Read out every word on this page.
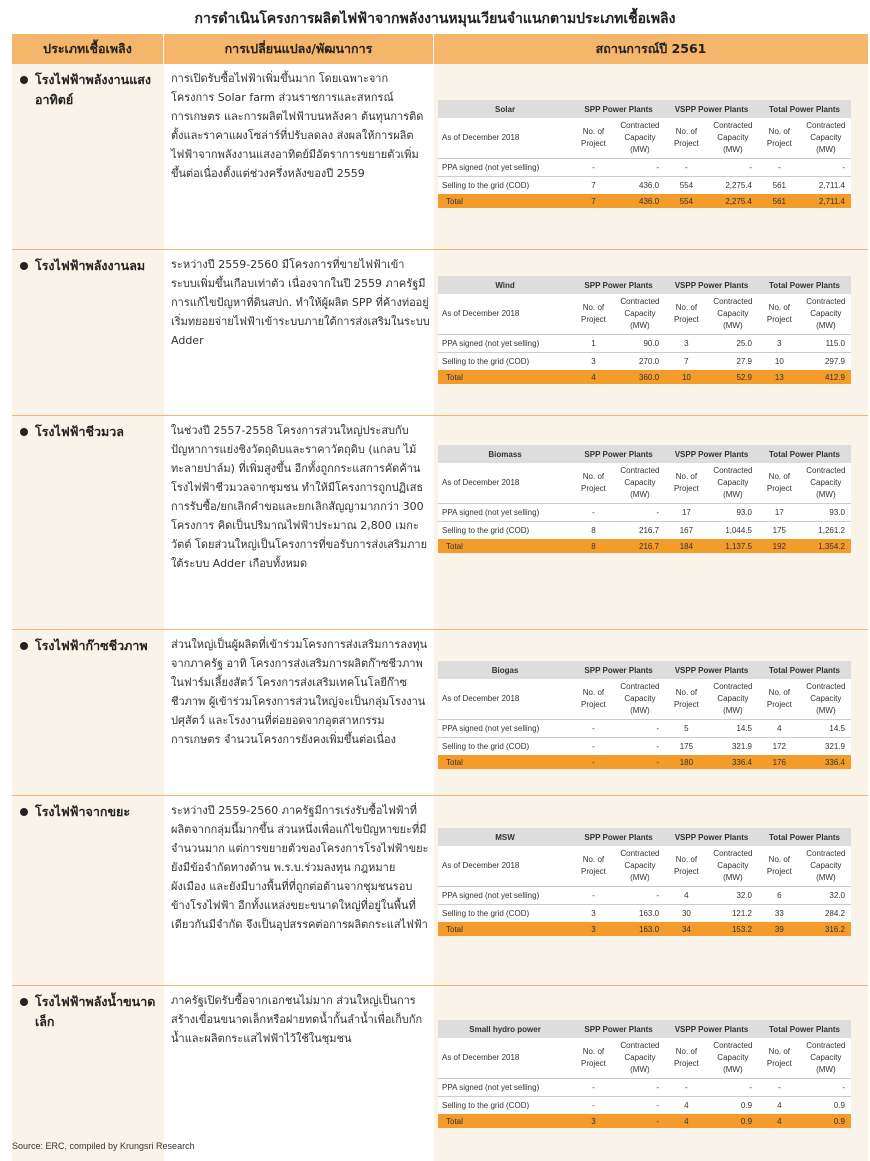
การดำเนินโครงการผลิตไฟฟ้าจากพลังงานหมุนเวียนจำแนกตามประเภทเชื้อเพลิง
ประเภทเชื้อเพลิง	การเปลี่ยนแปลง/พัฒนาการ	สถานการณ์ปี 2561
โรงไฟฟ้าพลังงานแสงอาทิตย์
การเปิดรับซื้อไฟฟ้าเพิ่มขึ้นมาก โดยเฉพาะจากโครงการ Solar farm ส่วนราชการและสหกรณ์การเกษตร และการผลิตไฟฟ้าบนหลังคา ต้นทุนการติดตั้งและราคาแผงโซล่าร์ที่ปรับลดลง ส่งผลให้การผลิตไฟฟ้าจากพลังงานแสงอาทิตย์มีอัตราการขยายตัวเพิ่มขึ้นต่อเนื่องตั้งแต่ช่วงครึ่งหลังของปี 2559
Solar	SPP Power Plants		VSPP Power Plants		Total Power Plants	
As of December 2018	No. of Project	Contracted Capacity (MW)	No. of Project	Contracted Capacity (MW)	No. of Project	Contracted Capacity (MW)
PPA signed (not yet selling)	-	-	-	-	-	-
Selling to the grid (COD)	7	436.0	554	2,275.4	561	2,711.4
Total	7	436.0	554	2,275.4	561	2,711.4
โรงไฟฟ้าพลังงานลม	ระหว่างปี 2559-2560 มีโครงการที่ขายไฟฟ้าเข้าระบบเพิ่มขึ้นเกือบเท่าตัว เนื่องจากในปี 2559 ภาครัฐมีการแก้ไขปัญหาที่ดินสปก. ทำให้ผู้ผลิต SPP ที่ค้างท่ออยู่เริ่มทยอยจ่ายไฟฟ้าเข้าระบบภายใต้การส่งเสริมในระบบ Adder
Wind	SPP Power Plants		VSPP Power Plants		Total Power Plants	
As of December 2018	No. of Project	Contracted Capacity (MW)	No. of Project	Contracted Capacity (MW)	No. of Project	Contracted Capacity (MW)
PPA signed (not yet selling)	1	90.0	3	25.0	3	115.0
Selling to the grid (COD)	3	270.0	7	27.9	10	297.9
Total	4	360.0	10	52.9	13	412.9
โรงไฟฟ้าชีวมวล	ในช่วงปี 2557-2558 โครงการส่วนใหญ่ประสบกับปัญหาการแย่งชิงวัตถุดิบและราคาวัตถุดิบ (แกลบ ไม้ ทะลายปาล์ม) ที่เพิ่มสูงขึ้น อีกทั้งถูกกระแสการคัดค้านโรงไฟฟ้าชีวมวลจากชุมชน ทำให้มีโครงการถูกปฏิเสธการรับซื้อ/ยกเลิกคำขอและยกเลิกสัญญามากกว่า 300 โครงการ คิดเป็นปริมาณไฟฟ้าประมาณ 2,800 เมกะวัตต์ โดยส่วนใหญ่เป็นโครงการที่ขอรับการส่งเสริมภายใต้ระบบ Adder เกือบทั้งหมด
Biomass	SPP Power Plants		VSPP Power Plants		Total Power Plants	
As of December 2018	No. of Project	Contracted Capacity (MW)	No. of Project	Contracted Capacity (MW)	No. of Project	Contracted Capacity (MW)
PPA signed (not yet selling)	-	-	17	93.0	17	93.0
Selling to the grid (COD)	8	216.7	167	1,044.5	175	1,261.2
Total	8	216.7	184	1,137.5	192	1,354.2
โรงไฟฟ้าก๊าซชีวภาพ	ส่วนใหญ่เป็นผู้ผลิตที่เข้าร่วมโครงการส่งเสริมการลงทุนจากภาครัฐ อาทิ โครงการส่งเสริมการผลิตก๊าซชีวภาพในฟาร์มเลี้ยงสัตว์ โครงการส่งเสริมเทคโนโลยีก๊าซชีวภาพ ผู้เข้าร่วมโครงการส่วนใหญ่จะเป็นกลุ่มโรงงานปศุสัตว์ และโรงงานที่ต่อยอดจากอุตสาหกรรมการเกษตร จำนวนโครงการยังคงเพิ่มขึ้นต่อเนื่อง
Biogas	SPP Power Plants		VSPP Power Plants		Total Power Plants	
As of December 2018	No. of Project	Contracted Capacity (MW)	No. of Project	Contracted Capacity (MW)	No. of Project	Contracted Capacity (MW)
PPA signed (not yet selling)	-	-	5	14.5	4	14.5
Selling to the grid (COD)	-	-	175	321.9	172	321.9
Total	-	-	180	336.4	176	336.4
โรงไฟฟ้าจากขยะ	ระหว่างปี 2559-2560 ภาครัฐมีการเร่งรับซื้อไฟฟ้าที่ผลิตจากกลุ่มนี้มากขึ้น ส่วนหนึ่งเพื่อแก้ไขปัญหาขยะที่มีจำนวนมาก แต่การขยายตัวของโครงการโรงไฟฟ้าขยะยังมีข้อจำกัดทางด้าน พ.ร.บ.ร่วมลงทุน กฎหมายผังเมือง และยังมีบางพื้นที่ที่ถูกต่อต้านจากชุมชนรอบข้างโรงไฟฟ้า อีกทั้งแหล่งขยะขนาดใหญ่ที่อยู่ในพื้นที่เดียวกันมีจำกัด จึงเป็นอุปสรรคต่อการผลิตกระแสไฟฟ้า
MSW	SPP Power Plants		VSPP Power Plants		Total Power Plants	
As of December 2018	No. of Project	Contracted Capacity (MW)	No. of Project	Contracted Capacity (MW)	No. of Project	Contracted Capacity (MW)
PPA signed (not yet selling)	-	-	4	32.0	6	32.0
Selling to the grid (COD)	3	163.0	30	121.2	33	284.2
Total	3	163.0	34	153.2	39	316.2
โรงไฟฟ้าพลังน้ำขนาดเล็ก
ภาครัฐเปิดรับซื้อจากเอกชนไม่มาก ส่วนใหญ่เป็นการสร้างเขื่อนขนาดเล็กหรือฝายทดน้ำกั้นลำน้ำเพื่อเก็บกักน้ำและผลิตกระแสไฟฟ้าไว้ใช้ในชุมชน
Small hydro power	SPP Power Plants		VSPP Power Plants		Total Power Plants	
As of December 2018	No. of Project	Contracted Capacity (MW)	No. of Project	Contracted Capacity (MW)	No. of Project	Contracted Capacity (MW)
PPA signed (not yet selling)	-	-	-	-	-	-
Selling to the grid (COD)	-	-	4	0.9	4	0.9
Total	3	-	4	0.9	4	0.9
Source: ERC, compiled by Krungsri Research
